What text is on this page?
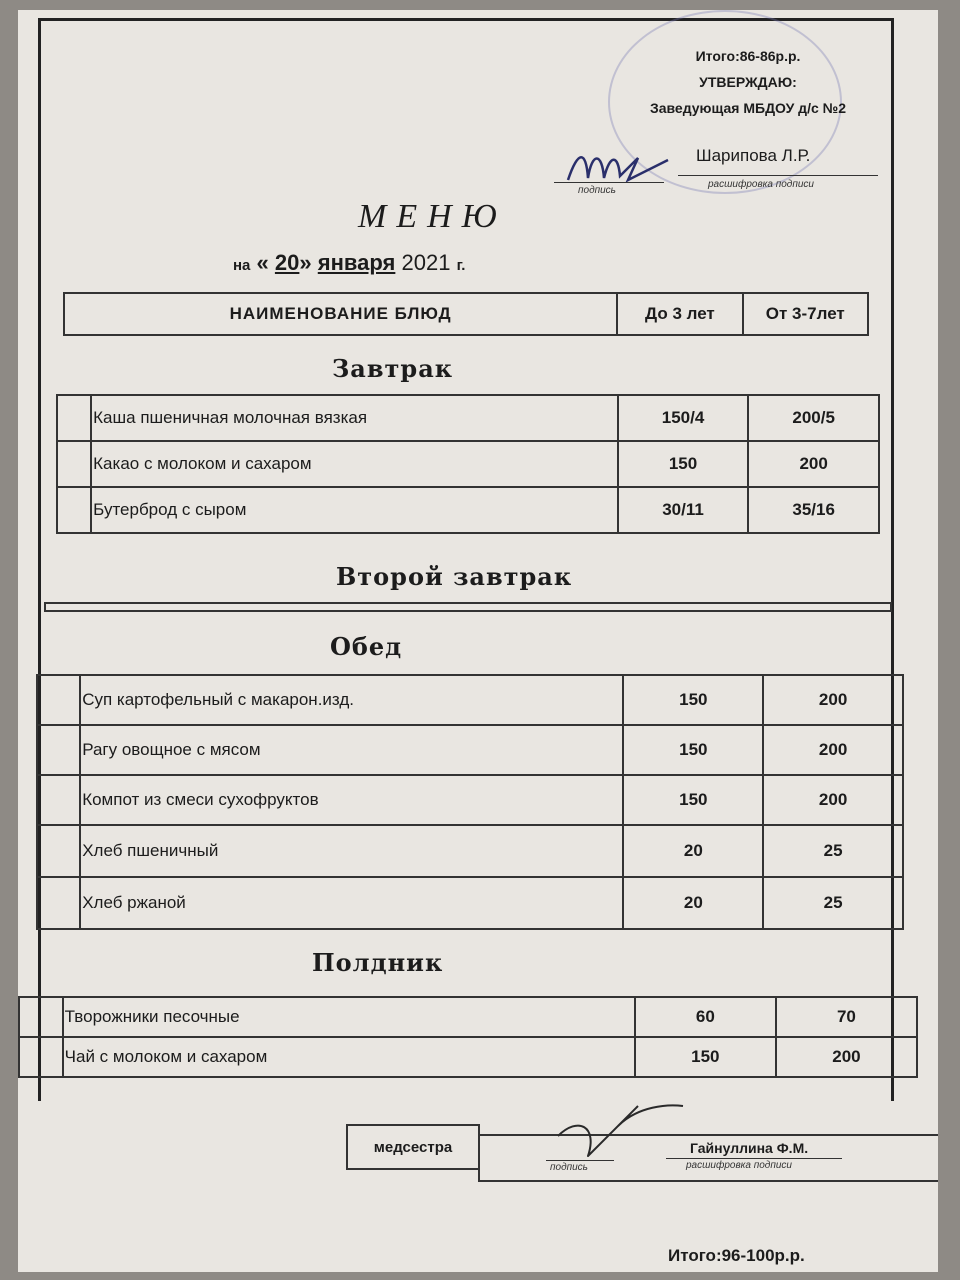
Итого:86-86р.р.
УТВЕРЖДАЮ:
Заведующая МБДОУ д/с №2
подпись
Шарипова Л.Р.
расшифровка подписи
МЕНЮ
на « 20» января 2021 г.
НАИМЕНОВАНИЕ БЛЮД	До 3 лет	От 3-7лет
Завтрак
	Каша пшеничная молочная вязкая	150/4	200/5
	Какао с молоком и сахаром	150	200
	Бутерброд с сыром	30/11	35/16
Второй завтрак
Обед
	Суп картофельный с макарон.изд.	150	200
	Рагу овощное с мясом	150	200
	Компот из смеси сухофруктов	150	200
	Хлеб пшеничный	20	25
	Хлеб ржаной	20	25
Полдник
	Творожники песочные	60	70
	Чай с молоком и сахаром	150	200
медсестра
подпись
Гайнуллина Ф.М.
расшифровка подписи
Итого:96-100р.р.
